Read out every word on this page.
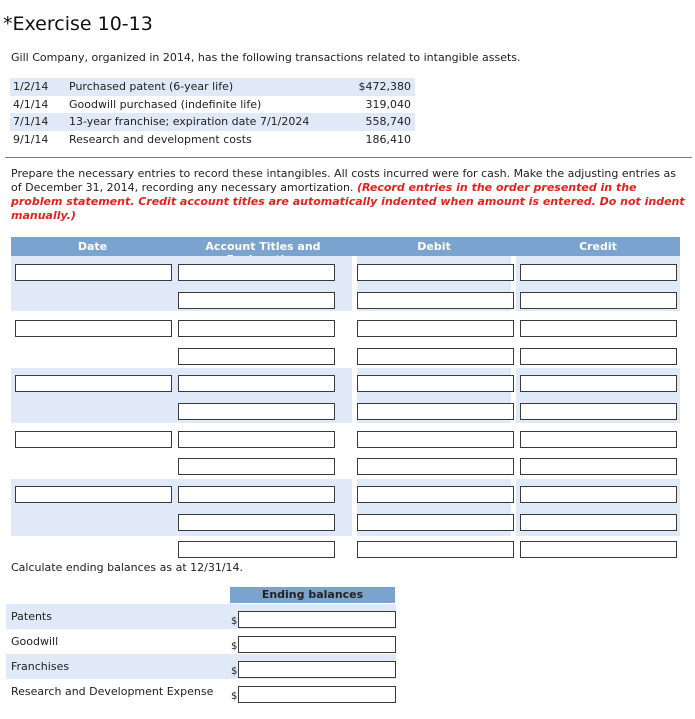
*Exercise 10-13
Gill Company, organized in 2014, has the following transactions related to intangible assets.
1/2/14	Purchased patent (6-year life)	$472,380
4/1/14	Goodwill purchased (indefinite life)	319,040
7/1/14	13-year franchise; expiration date 7/1/2024	558,740
9/1/14	Research and development costs	186,410
Prepare the necessary entries to record these intangibles. All costs incurred were for cash. Make the adjusting entries as of December 31, 2014, recording any necessary amortization. (Record entries in the order presented in the problem statement. Credit account titles are automatically indented when amount is entered. Do not indent manually.)
Date	Account Titles and	Debit	Credit
Calculate ending balances as at 12/31/14.
Ending balances
Patents	$
Goodwill	$
Franchises	$
Research and Development Expense $
